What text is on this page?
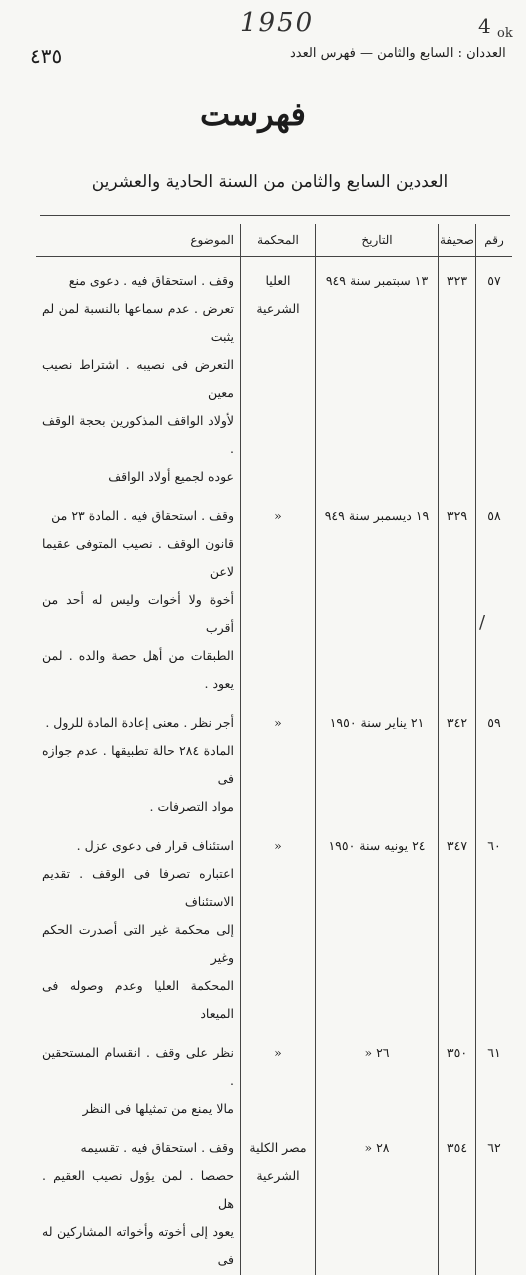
1950	4 ok
٤٣٥	العددان : السابع والثامن — فهرس العدد
فهرست
العددين السابع والثامن من السنة الحادية والعشرين
رقم	صحيفة	التاريخ	المحكمة	الموضوع
٥٧	٣٢٣	١٣ سبتمبر سنة ٩٤٩	العليا الشرعية	وقف . استحقاق فيه . دعوى منع
تعرض . عدم سماعها بالنسبة لمن لم يثبت
التعرض فى نصيبه . اشتراط نصيب معين
لأولاد الواقف المذكورين بحجة الوقف .
عوده لجميع أولاد الواقف

٥٨	٣٢٩	١٩ ديسمبر سنة ٩٤٩	«	وقف . استحقاق فيه . المادة ٢٣ من
قانون الوقف . نصيب المتوفى عقيما لاعن
أخوة ولا أخوات وليس له أحد من أقرب
الطبقات من أهل حصة والده . لمن يعود .

٥٩	٣٤٢	٢١ يناير سنة ١٩٥٠	«	أجر نظر . معنى إعادة المادة للرول .
المادة ٢٨٤ حالة تطبيقها . عدم جوازه فى
مواد التصرفات .

٦٠	٣٤٧	٢٤ يونيه سنة ١٩٥٠	«	استئناف قرار فى دعوى عزل .
اعتباره تصرفا فى الوقف . تقديم الاستئناف
إلى محكمة غير التى أصدرت الحكم وغير
المحكمة العليا وعدم وصوله فى الميعاد

٦١	٣٥٠	٢٦ «	«	نظر على وقف . انقسام المستحقين .
مالا يمنع من تمثيلها فى النظر

٦٢	٣٥٤	٢٨ «	مصر الكلية الشرعية	وقف . استحقاق فيه . تقسيمه
حصصا . لمن يؤول نصيب العقيم . هل
يعود إلى أخوته وأخواته المشاركين له فى
/
